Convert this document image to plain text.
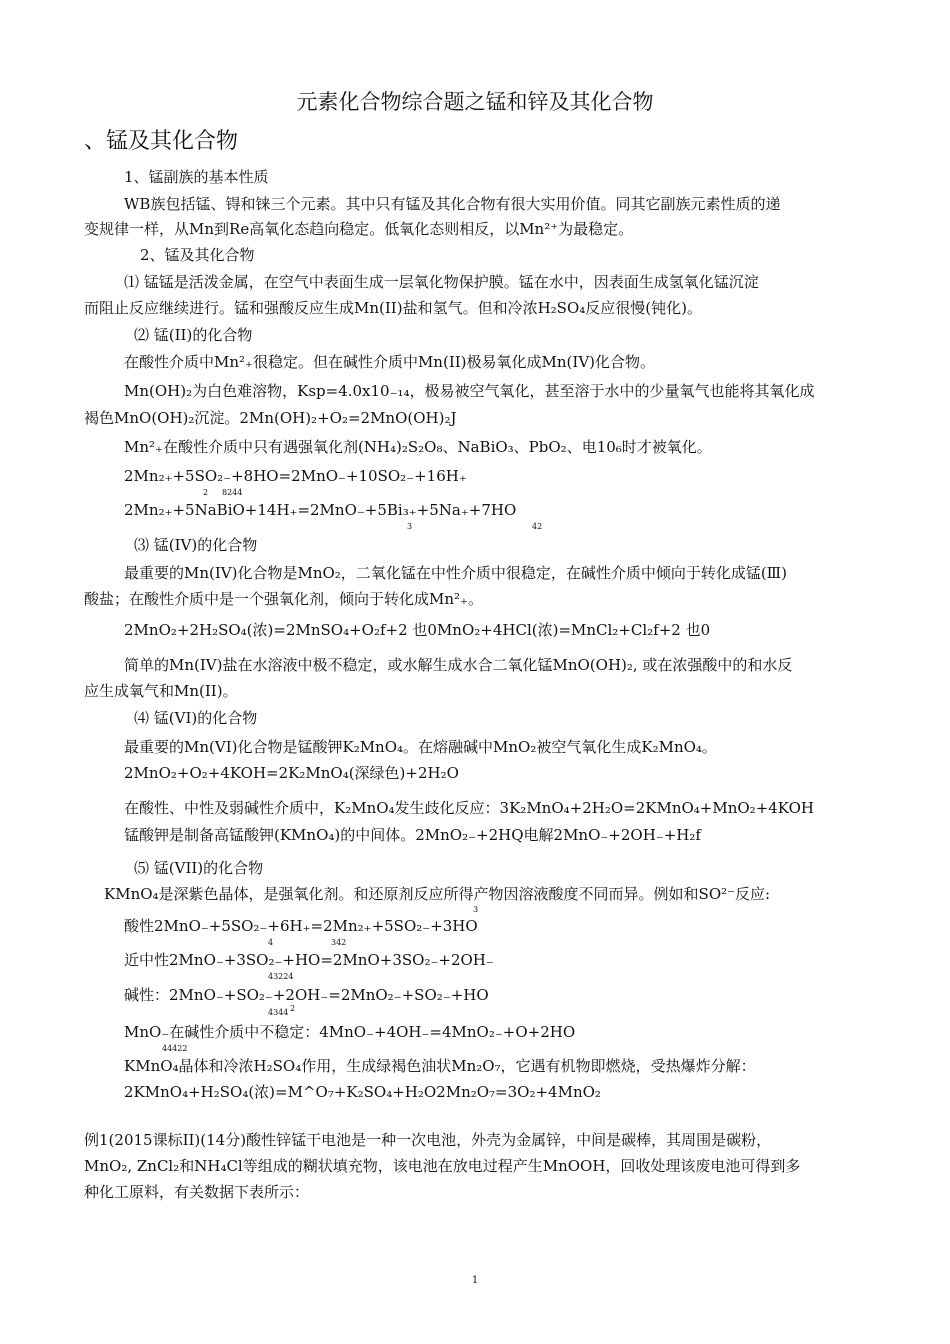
元素化合物综合题之锰和锌及其化合物
、锰及其化合物
1、锰副族的基本性质
WB族包括锰、锝和铼三个元素。其中只有锰及其化合物有很大实用价值。同其它副族元素性质的递
变规律一样，从Mn到Re高氧化态趋向稳定。低氧化态则相反，以Mn²⁺为最稳定。
2、锰及其化合物
⑴ 锰锰是活泼金属，在空气中表面生成一层氧化物保护膜。锰在水中，因表面生成氢氧化锰沉淀
而阻止反应继续进行。锰和强酸反应生成Mn(II)盐和氢气。但和冷浓H₂SO₄反应很慢(钝化)。
⑵ 锰(II)的化合物
在酸性介质中Mn²₊很稳定。但在碱性介质中Mn(II)极易氧化成Mn(IV)化合物。
Mn(OH)₂为白色难溶物，Ksp=4.0x10₋₁₄，极易被空气氧化，甚至溶于水中的少量氧气也能将其氧化成
褐色MnO(OH)₂沉淀。2Mn(OH)₂+O₂=2MnO(OH)₂J
Mn²₊在酸性介质中只有遇强氧化剂(NH₄)₂S₂O₈、NaBiO₃、PbO₂、电10₆时才被氧化。
2Mn₂₊+5SO₂₋+8HO=2MnO₋+10SO₂₋+16H₊
2Mn₂₊+5NaBiO+14H₊=2MnO₋+5Bi₃₊+5Na₊+7HO
⑶ 锰(IV)的化合物
最重要的Mn(IV)化合物是MnO₂，二氧化锰在中性介质中很稳定，在碱性介质中倾向于转化成锰(Ⅲ)
酸盐；在酸性介质中是一个强氧化剂，倾向于转化成Mn²₊。
2MnO₂+2H₂SO₄(浓)=2MnSO₄+O₂f+2 也0MnO₂+4HCl(浓)=MnCl₂+Cl₂f+2 也0
简单的Mn(IV)盐在水溶液中极不稳定，或水解生成水合二氧化锰MnO(OH)₂, 或在浓强酸中的和水反
应生成氧气和Mn(II)。
⑷ 锰(VI)的化合物
最重要的Mn(VI)化合物是锰酸钾K₂MnO₄。在熔融碱中MnO₂被空气氧化生成K₂MnO₄。
2MnO₂+O₂+4KOH=2K₂MnO₄(深绿色)+2H₂O
在酸性、中性及弱碱性介质中，K₂MnO₄发生歧化反应：3K₂MnO₄+2H₂O=2KMnO₄+MnO₂+4KOH
锰酸钾是制备高锰酸钾(KMnO₄)的中间体。2MnO₂₋+2HQ电解2MnO₋+2OH₋+H₂f
⑸ 锰(VII)的化合物
KMnO₄是深紫色晶体，是强氧化剂。和还原剂反应所得产物因溶液酸度不同而异。例如和SO²⁻反应:
酸性2MnO₋+5SO₂₋+6H₊=2Mn₂₊+5SO₂₋+3HO
近中性2MnO₋+3SO₂₋+HO=2MnO+3SO₂₋+2OH₋
碱性：2MnO₋+SO₂₋+2OH₋=2MnO₂₋+SO₂₋+HO
MnO₋在碱性介质中不稳定：4MnO₋+4OH₋=4MnO₂₋+O+2HO
KMnO₄晶体和冷浓H₂SO₄作用，生成绿褐色油状Mn₂O₇，它遇有机物即燃烧，受热爆炸分解：
2KMnO₄+H₂SO₄(浓)=M^O₇+K₂SO₄+H₂O2Mn₂O₇=3O₂+4MnO₂
例1(2015课标II)(14分)酸性锌锰干电池是一种一次电池，外壳为金属锌，中间是碳棒，其周围是碳粉，
MnO₂, ZnCl₂和NH₄Cl等组成的糊状填充物，该电池在放电过程产生MnOOH，回收处理该废电池可得到多
种化工原料，有关数据下表所示：
2 8244
3	42
3
4	342
43224
4344 2
44422
1
